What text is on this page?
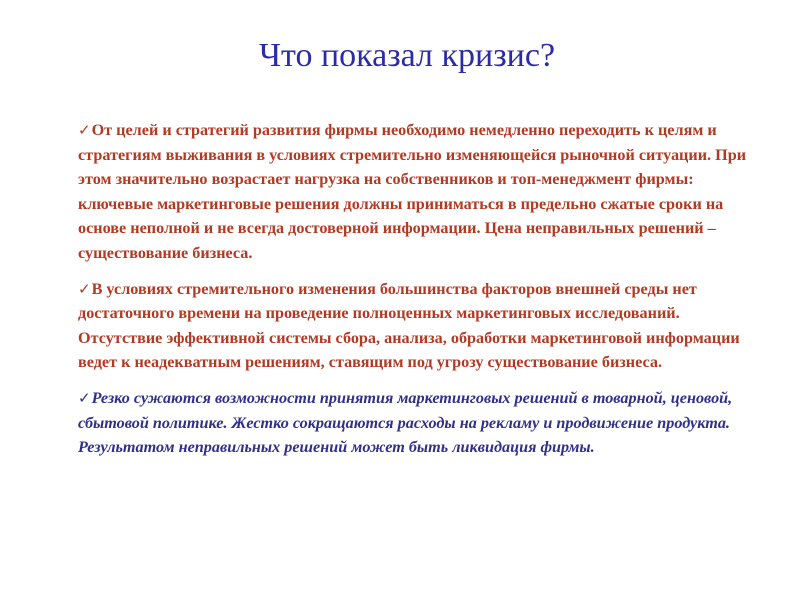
Что показал кризис?

✓От целей и стратегий развития фирмы необходимо немедленно переходить к целям и стратегиям выживания в условиях стремительно изменяющейся рыночной ситуации. При этом значительно возрастает нагрузка на собственников и топ-менеджмент фирмы: ключевые маркетинговые решения должны приниматься в предельно сжатые сроки на основе неполной и не всегда достоверной информации. Цена неправильных решений – существование бизнеса.

✓В условиях стремительного изменения большинства факторов внешней среды нет достаточного времени на проведение полноценных маркетинговых исследований. Отсутствие эффективной системы сбора, анализа, обработки маркетинговой информации ведет к неадекватным решениям, ставящим под угрозу существование бизнеса.

✓Резко сужаются возможности принятия маркетинговых решений в товарной, ценовой, сбытовой политике. Жестко сокращаются расходы на рекламу и продвижение продукта. Результатом неправильных решений может быть ликвидация фирмы.
